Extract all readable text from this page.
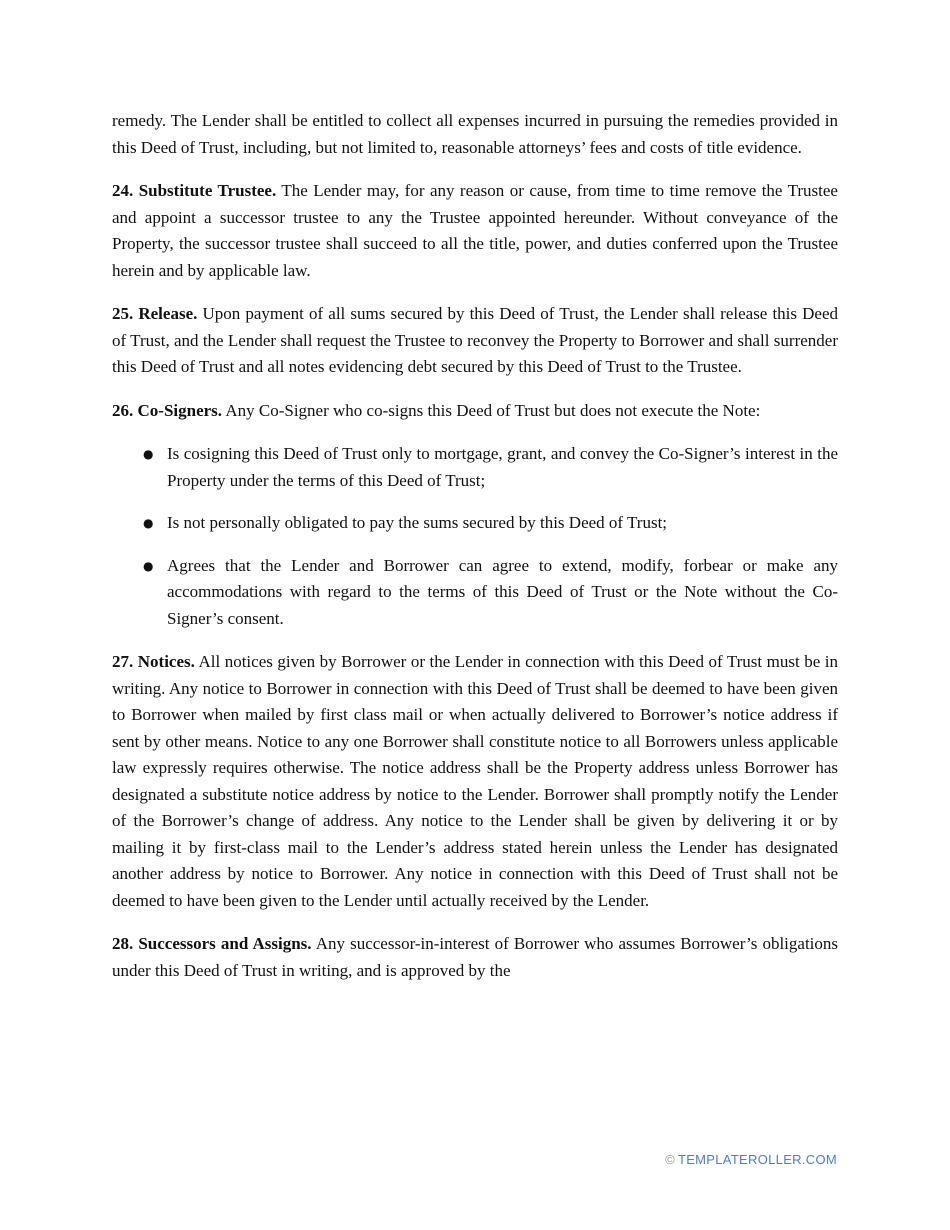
remedy. The Lender shall be entitled to collect all expenses incurred in pursuing the remedies provided in this Deed of Trust, including, but not limited to, reasonable attorneys’ fees and costs of title evidence.

24. Substitute Trustee. The Lender may, for any reason or cause, from time to time remove the Trustee and appoint a successor trustee to any the Trustee appointed hereunder. Without conveyance of the Property, the successor trustee shall succeed to all the title, power, and duties conferred upon the Trustee herein and by applicable law.

25. Release. Upon payment of all sums secured by this Deed of Trust, the Lender shall release this Deed of Trust, and the Lender shall request the Trustee to reconvey the Property to Borrower and shall surrender this Deed of Trust and all notes evidencing debt secured by this Deed of Trust to the Trustee.

26. Co-Signers. Any Co-Signer who co-signs this Deed of Trust but does not execute the Note:

● Is cosigning this Deed of Trust only to mortgage, grant, and convey the Co-Signer’s interest in the Property under the terms of this Deed of Trust;
● Is not personally obligated to pay the sums secured by this Deed of Trust;
● Agrees that the Lender and Borrower can agree to extend, modify, forbear or make any accommodations with regard to the terms of this Deed of Trust or the Note without the Co-Signer’s consent.

27. Notices. All notices given by Borrower or the Lender in connection with this Deed of Trust must be in writing. Any notice to Borrower in connection with this Deed of Trust shall be deemed to have been given to Borrower when mailed by first class mail or when actually delivered to Borrower’s notice address if sent by other means. Notice to any one Borrower shall constitute notice to all Borrowers unless applicable law expressly requires otherwise. The notice address shall be the Property address unless Borrower has designated a substitute notice address by notice to the Lender. Borrower shall promptly notify the Lender of the Borrower’s change of address. Any notice to the Lender shall be given by delivering it or by mailing it by first-class mail to the Lender’s address stated herein unless the Lender has designated another address by notice to Borrower. Any notice in connection with this Deed of Trust shall not be deemed to have been given to the Lender until actually received by the Lender.

28. Successors and Assigns. Any successor-in-interest of Borrower who assumes Borrower’s obligations under this Deed of Trust in writing, and is approved by the

© TEMPLATEROLLER.COM
